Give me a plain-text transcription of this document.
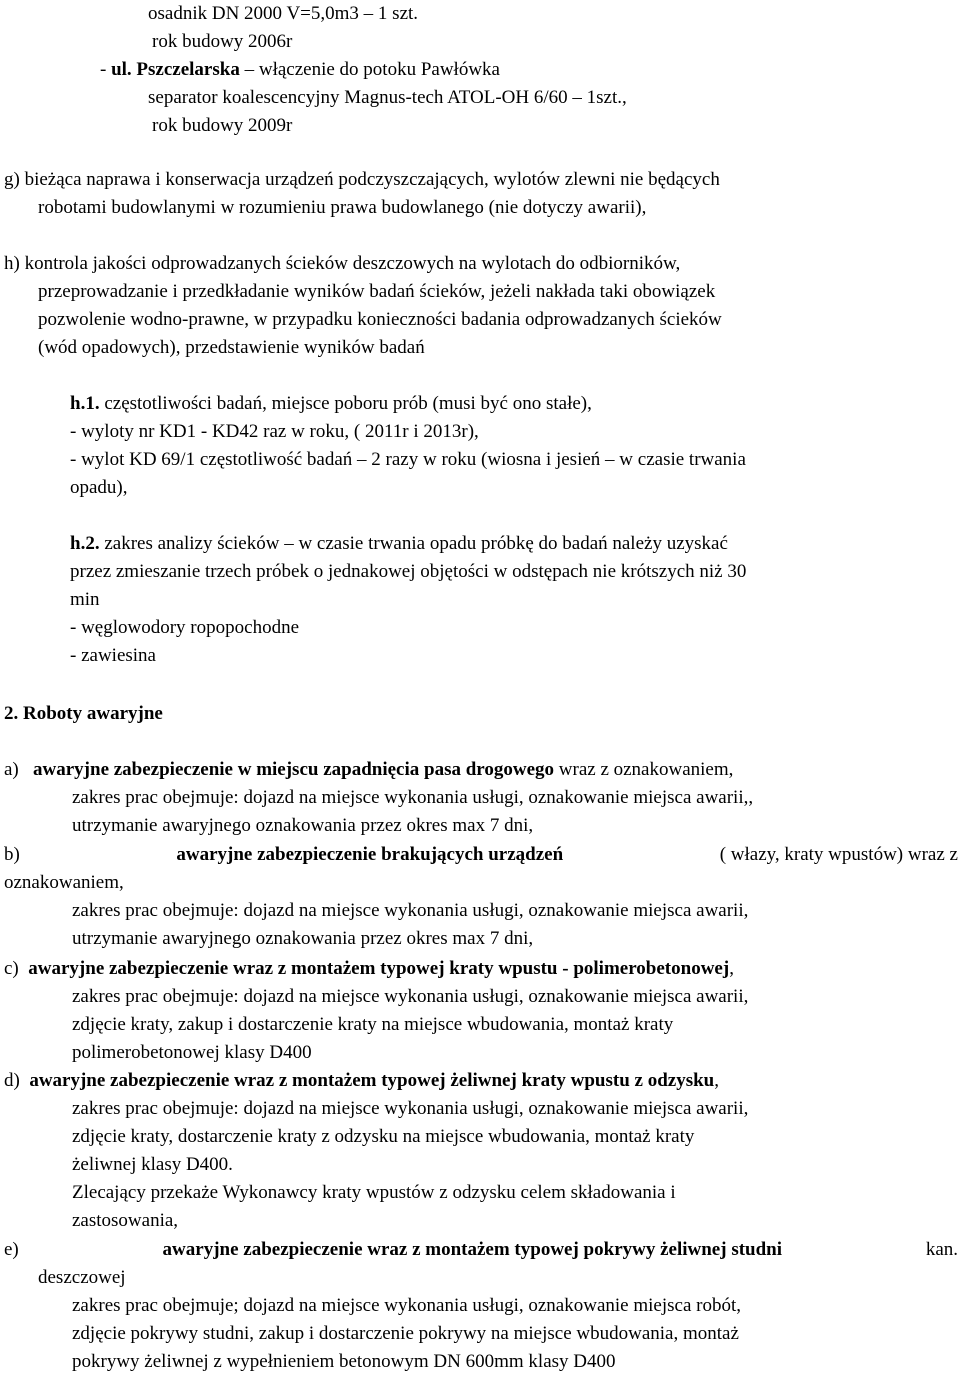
osadnik DN 2000 V=5,0m3 – 1 szt.
rok budowy 2006r
- ul. Pszczelarska – włączenie do potoku Pawłówka
separator koalescencyjny Magnus-tech ATOL-OH 6/60 – 1szt.,
rok budowy 2009r
g) bieżąca naprawa i konserwacja urządzeń podczyszczających, wylotów zlewni nie będących
robotami budowlanymi w rozumieniu prawa budowlanego (nie dotyczy awarii),
h) kontrola jakości odprowadzanych ścieków deszczowych na wylotach do odbiorników,
przeprowadzanie i przedkładanie wyników badań ścieków, jeżeli nakłada taki obowiązek
pozwolenie wodno-prawne, w przypadku konieczności badania odprowadzanych ścieków
(wód opadowych), przedstawienie wyników badań
h.1. częstotliwości badań, miejsce poboru prób (musi być ono stałe),
- wyloty nr KD1 - KD42 raz w roku, ( 2011r i 2013r),
- wylot KD 69/1 częstotliwość badań – 2 razy w roku (wiosna i jesień – w czasie trwania
opadu),
h.2. zakres analizy ścieków – w czasie trwania opadu próbkę do badań należy uzyskać
przez zmieszanie trzech próbek o jednakowej objętości w odstępach nie krótszych niż 30
min
- węglowodory ropopochodne
- zawiesina
2. Roboty awaryjne
a) awaryjne zabezpieczenie w miejscu zapadnięcia pasa drogowego wraz z oznakowaniem,
zakres prac obejmuje: dojazd na miejsce wykonania usługi, oznakowanie miejsca awarii,,
utrzymanie awaryjnego oznakowania przez okres max 7 dni,
b)	awaryjne zabezpieczenie brakujących urządzeń	( włazy, kraty wpustów) wraz z
oznakowaniem,
zakres prac obejmuje: dojazd na miejsce wykonania usługi, oznakowanie miejsca awarii,
utrzymanie awaryjnego oznakowania przez okres max 7 dni,
c) awaryjne zabezpieczenie wraz z montażem typowej kraty wpustu - polimerobetonowej,
zakres prac obejmuje: dojazd na miejsce wykonania usługi, oznakowanie miejsca awarii,
zdjęcie kraty, zakup i dostarczenie kraty na miejsce wbudowania, montaż kraty
polimerobetonowej klasy D400
d) awaryjne zabezpieczenie wraz z montażem typowej żeliwnej kraty wpustu z odzysku,
zakres prac obejmuje: dojazd na miejsce wykonania usługi, oznakowanie miejsca awarii,
zdjęcie kraty, dostarczenie kraty z odzysku na miejsce wbudowania, montaż kraty
żeliwnej klasy D400.
Zlecający przekaże Wykonawcy kraty wpustów z odzysku celem składowania i
zastosowania,
e)	awaryjne zabezpieczenie wraz z montażem typowej pokrywy żeliwnej studni	kan.
deszczowej
zakres prac obejmuje; dojazd na miejsce wykonania usługi, oznakowanie miejsca robót,
zdjęcie pokrywy studni, zakup i dostarczenie pokrywy na miejsce wbudowania, montaż
pokrywy żeliwnej z wypełnieniem betonowym DN 600mm klasy D400
